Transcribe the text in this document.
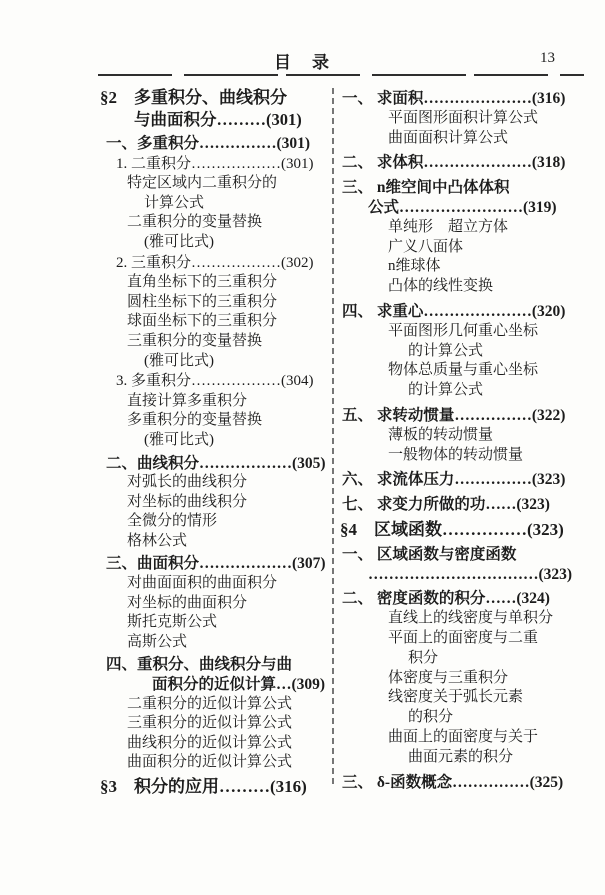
目　录	13
§2　多重积分、曲线积分
与曲面积分………(301)
一、多重积分……………(301)
1. 二重积分………………(301)
特定区域内二重积分的
计算公式
二重积分的变量替换
(雅可比式)
2. 三重积分………………(302)
直角坐标下的三重积分
圆柱坐标下的三重积分
球面坐标下的三重积分
三重积分的变量替换
(雅可比式)
3. 多重积分………………(304)
直接计算多重积分
多重积分的变量替换
(雅可比式)
二、曲线积分………………(305)
对弧长的曲线积分
对坐标的曲线积分
全微分的情形
格林公式
三、曲面积分………………(307)
对曲面面积的曲面积分
对坐标的曲面积分
斯托克斯公式
高斯公式
四、重积分、曲线积分与曲
面积分的近似计算…(309)
二重积分的近似计算公式
三重积分的近似计算公式
曲线积分的近似计算公式
曲面积分的近似计算公式
§3　积分的应用………(316)
一、 求面积…………………(316)
平面图形面积计算公式
曲面面积计算公式
二、 求体积…………………(318)
三、 n维空间中凸体体积
公式……………………(319)
单纯形　超立方体
广义八面体
n维球体
凸体的线性变换
四、 求重心…………………(320)
平面图形几何重心坐标
的计算公式
物体总质量与重心坐标
的计算公式
五、 求转动惯量……………(322)
薄板的转动惯量
一般物体的转动惯量
六、 求流体压力……………(323)
七、 求变力所做的功……(323)
§4　区域函数……………(323)
一、 区域函数与密度函数
……………………………(323)
二、 密度函数的积分……(324)
直线上的线密度与单积分
平面上的面密度与二重
积分
体密度与三重积分
线密度关于弧长元素
的积分
曲面上的面密度与关于
曲面元素的积分
三、 δ-函数概念……………(325)
